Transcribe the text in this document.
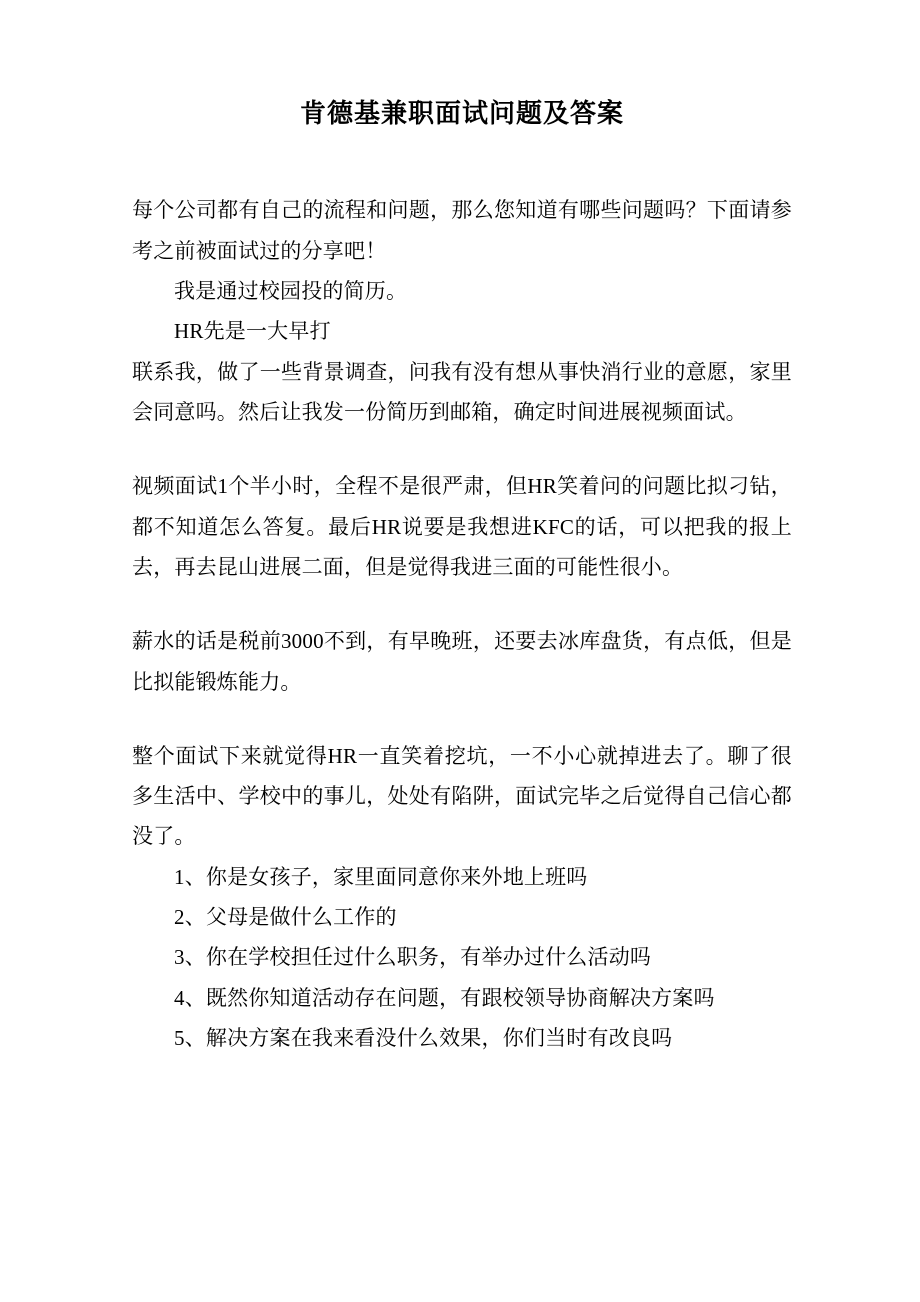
肯德基兼职面试问题及答案

每个公司都有自己的流程和问题，那么您知道有哪些问题吗？下面请参考之前被面试过的分享吧！

我是通过校园投的简历。

HR先是一大早打

联系我，做了一些背景调查，问我有没有想从事快消行业的意愿，家里会同意吗。然后让我发一份简历到邮箱，确定时间进展视频面试。

视频面试1个半小时，全程不是很严肃，但HR笑着问的问题比拟刁钻，都不知道怎么答复。最后HR说要是我想进KFC的话，可以把我的报上去，再去昆山进展二面，但是觉得我进三面的可能性很小。

薪水的话是税前3000不到，有早晚班，还要去冰库盘货，有点低，但是比拟能锻炼能力。

整个面试下来就觉得HR一直笑着挖坑，一不小心就掉进去了。聊了很多生活中、学校中的事儿，处处有陷阱，面试完毕之后觉得自己信心都没了。

1、你是女孩子，家里面同意你来外地上班吗

2、父母是做什么工作的

3、你在学校担任过什么职务，有举办过什么活动吗

4、既然你知道活动存在问题，有跟校领导协商解决方案吗

5、解决方案在我来看没什么效果，你们当时有改良吗
